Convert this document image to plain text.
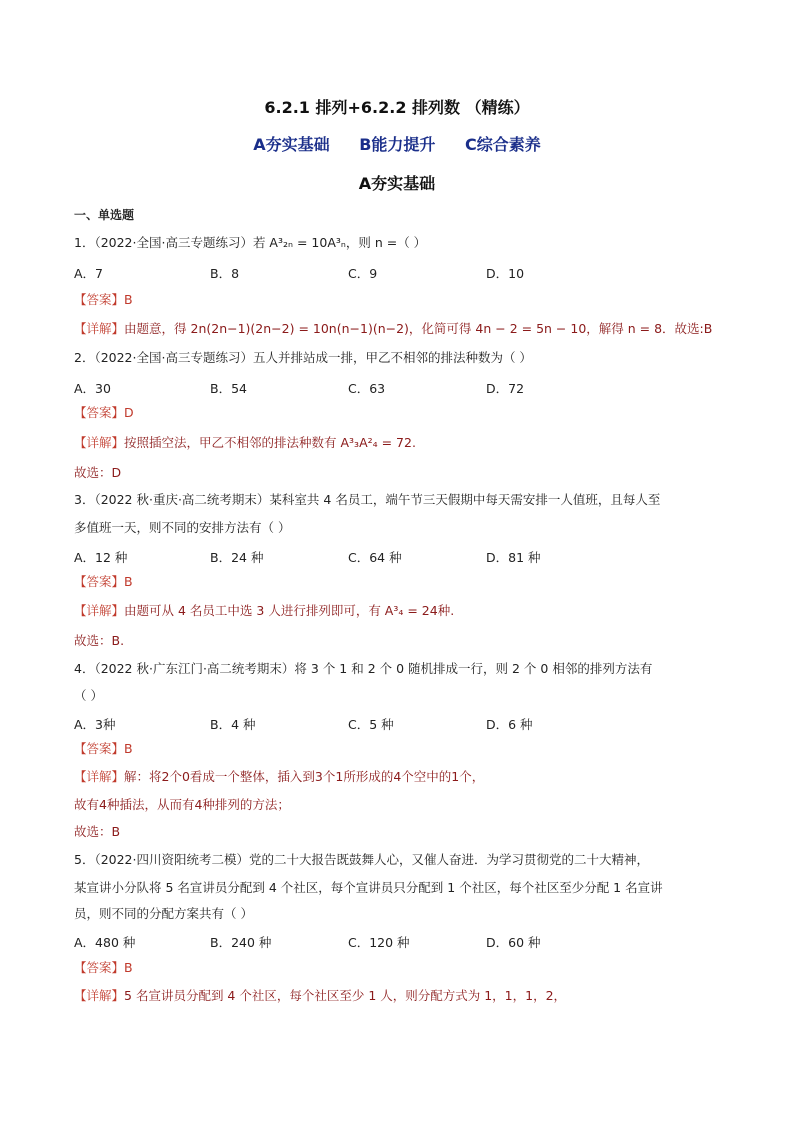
6.2.1 排列+6.2.2 排列数 （精练）
A夯实基础 B能力提升 C综合素养
A夯实基础
一、单选题
1．（2022·全国·高三专题练习）若 A³₂ₙ = 10A³ₙ，则 n =（ ）
A．7	B．8	C．9	D．10
【答案】B
【详解】由题意，得 2n(2n−1)(2n−2) = 10n(n−1)(n−2)，化简可得 4n − 2 = 5n − 10，解得 n = 8．故选:B
2．（2022·全国·高三专题练习）五人并排站成一排，甲乙不相邻的排法种数为（ ）
A．30	B．54	C．63	D．72
【答案】D
【详解】按照插空法，甲乙不相邻的排法种数有 A³₃A²₄ = 72.
故选：D
3．（2022 秋·重庆·高二统考期末）某科室共 4 名员工，端午节三天假期中每天需安排一人值班，且每人至
多值班一天，则不同的安排方法有（ ）
A．12 种	B．24 种	C．64 种	D．81 种
【答案】B
【详解】由题可从 4 名员工中选 3 人进行排列即可，有 A³₄ = 24种.
故选：B.
4．（2022 秋·广东江门·高二统考期末）将 3 个 1 和 2 个 0 随机排成一行，则 2 个 0 相邻的排列方法有
（ ）
A．3种	B．4 种	C．5 种	D．6 种
【答案】B
【详解】解：将2个0看成一个整体，插入到3个1所形成的4个空中的1个，
故有4种插法，从而有4种排列的方法；
故选：B
5．（2022·四川资阳统考二模）党的二十大报告既鼓舞人心，又催人奋进．为学习贯彻党的二十大精神，
某宣讲小分队将 5 名宣讲员分配到 4 个社区，每个宣讲员只分配到 1 个社区，每个社区至少分配 1 名宣讲
员，则不同的分配方案共有（ ）
A．480 种	B．240 种	C．120 种	D．60 种
【答案】B
【详解】5 名宣讲员分配到 4 个社区，每个社区至少 1 人，则分配方式为 1，1，1，2，
